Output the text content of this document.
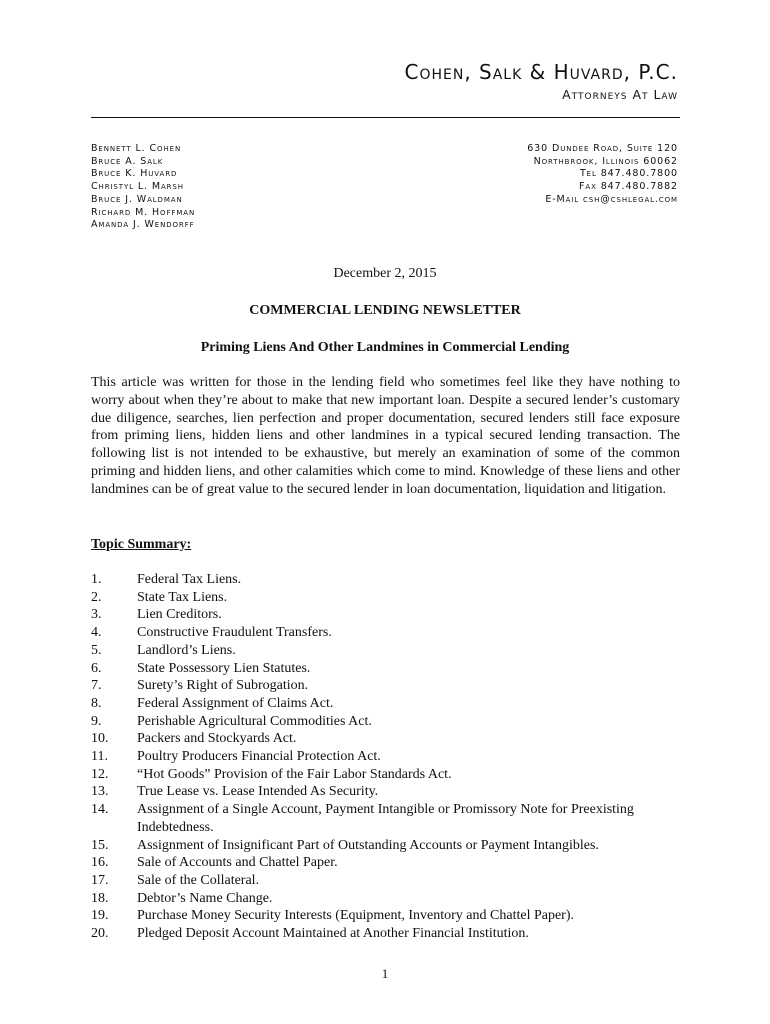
Cohen, Salk & Huvard, P.C.
Attorneys At Law
Bennett L. Cohen
Bruce A. Salk
Bruce K. Huvard
Christyl L. Marsh
Bruce J. Waldman
Richard M. Hoffman
Amanda J. Wendorff
630 Dundee Road, Suite 120
Northbrook, Illinois 60062
Tel 847.480.7800
Fax 847.480.7882
E-Mail csh@cshlegal.com
December 2, 2015
COMMERCIAL LENDING NEWSLETTER
Priming Liens And Other Landmines in Commercial Lending

This article was written for those in the lending field who sometimes feel like they have nothing to worry about when they’re about to make that new important loan. Despite a secured lender’s customary due diligence, searches, lien perfection and proper documentation, secured lenders still face exposure from priming liens, hidden liens and other landmines in a typical secured lending transaction. The following list is not intended to be exhaustive, but merely an examination of some of the common priming and hidden liens, and other calamities which come to mind. Knowledge of these liens and other landmines can be of great value to the secured lender in loan documentation, liquidation and litigation.

Topic Summary:
1.	Federal Tax Liens.
2.	State Tax Liens.
3.	Lien Creditors.
4.	Constructive Fraudulent Transfers.
5.	Landlord’s Liens.
6.	State Possessory Lien Statutes.
7.	Surety’s Right of Subrogation.
8.	Federal Assignment of Claims Act.
9.	Perishable Agricultural Commodities Act.
10.	Packers and Stockyards Act.
11.	Poultry Producers Financial Protection Act.
12.	“Hot Goods” Provision of the Fair Labor Standards Act.
13.	True Lease vs. Lease Intended As Security.
14.	Assignment of a Single Account, Payment Intangible or Promissory Note for Preexisting Indebtedness.
15.	Assignment of Insignificant Part of Outstanding Accounts or Payment Intangibles.
16.	Sale of Accounts and Chattel Paper.
17.	Sale of the Collateral.
18.	Debtor’s Name Change.
19.	Purchase Money Security Interests (Equipment, Inventory and Chattel Paper).
20.	Pledged Deposit Account Maintained at Another Financial Institution.
1
